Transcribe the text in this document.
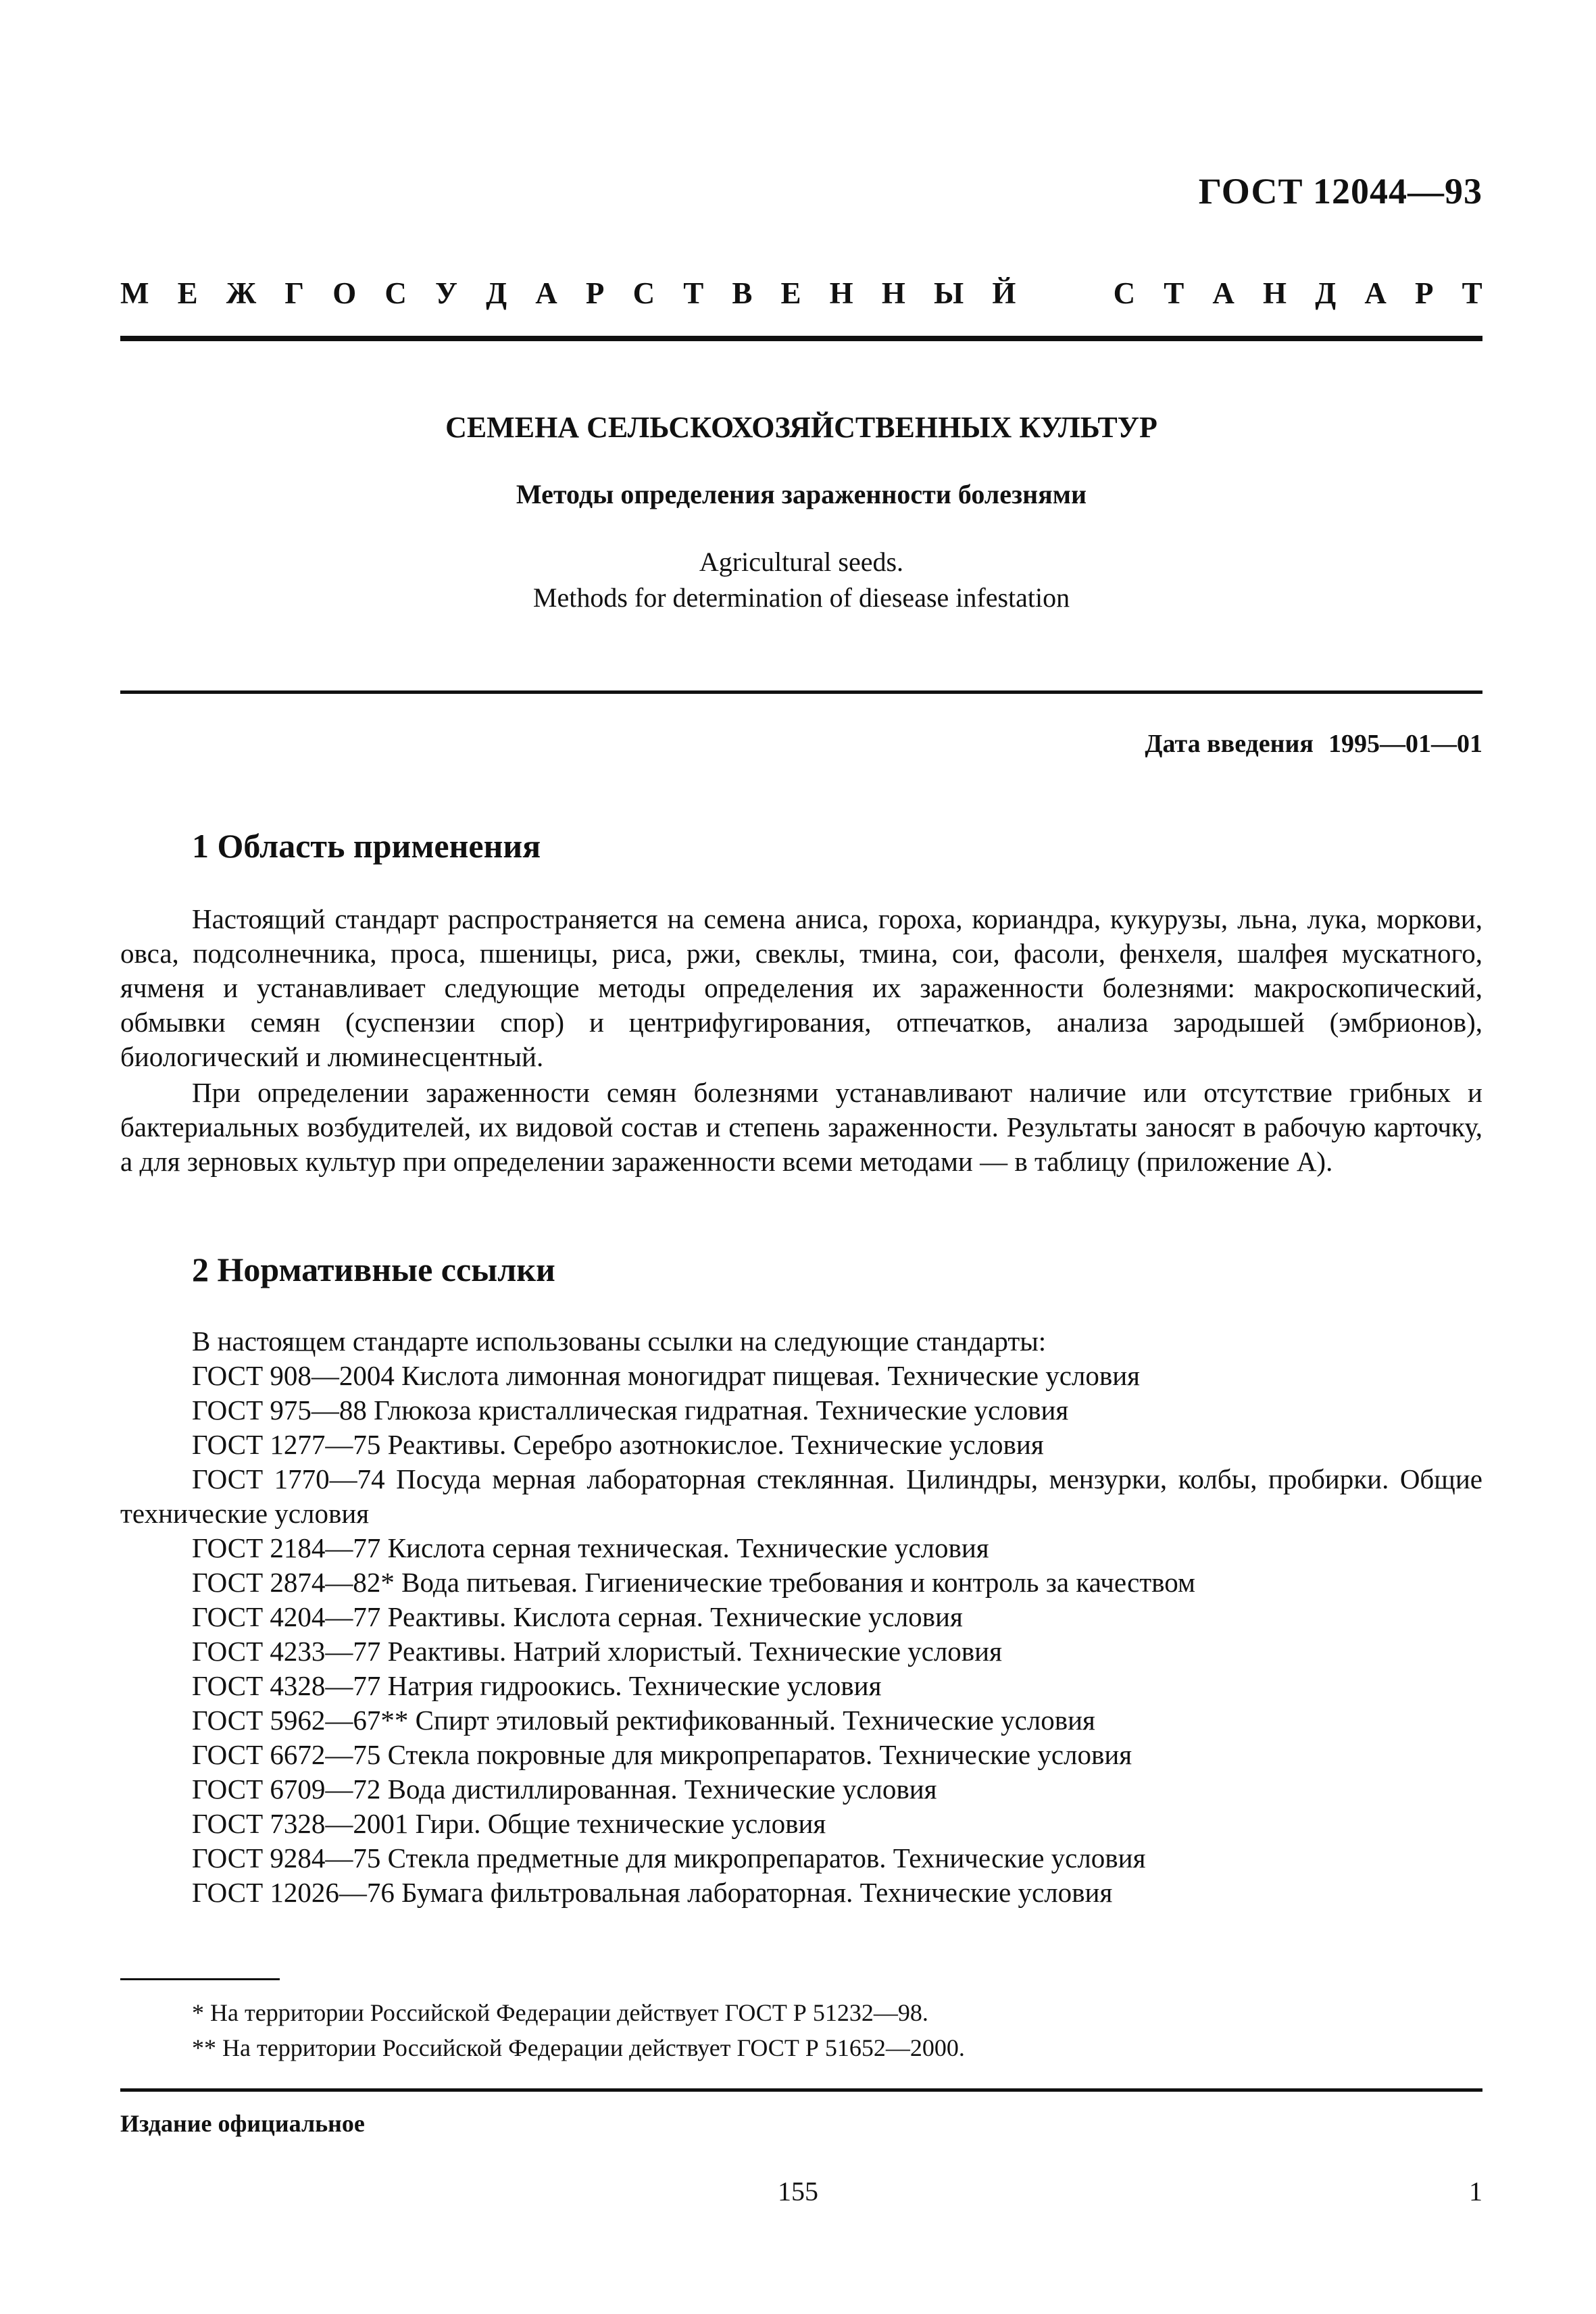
ГОСТ 12044—93
М Е Ж Г О С У Д А Р С Т В Е Н Н Ы Й	С Т А Н Д А Р Т
СЕМЕНА СЕЛЬСКОХОЗЯЙСТВЕННЫХ КУЛЬТУР
Методы определения зараженности болезнями
Agricultural seeds.
Methods for determination of diesease infestation
Дата введения 1995—01—01
1 Область применения

Настоящий стандарт распространяется на семена аниса, гороха, кориандра, кукурузы, льна, лука, моркови, овса, подсолнечника, проса, пшеницы, риса, ржи, свеклы, тмина, сои, фасоли, фенхеля, шалфея мускатного, ячменя и устанавливает следующие методы определения их зараженности болезнями: макроскопический, обмывки семян (суспензии спор) и центрифугирования, отпечатков, анализа зародышей (эмбрионов), биологический и люминесцентный.

При определении зараженности семян болезнями устанавливают наличие или отсутствие грибных и бактериальных возбудителей, их видовой состав и степень зараженности. Результаты заносят в рабочую карточку, а для зерновых культур при определении зараженности всеми методами — в таблицу (приложение А).

2 Нормативные ссылки
В настоящем стандарте использованы ссылки на следующие стандарты:
ГОСТ 908—2004 Кислота лимонная моногидрат пищевая. Технические условия
ГОСТ 975—88 Глюкоза кристаллическая гидратная. Технические условия
ГОСТ 1277—75 Реактивы. Серебро азотнокислое. Технические условия
ГОСТ 1770—74 Посуда мерная лабораторная стеклянная. Цилиндры, мензурки, колбы, пробирки. Общие технические условия
ГОСТ 2184—77 Кислота серная техническая. Технические условия
ГОСТ 2874—82* Вода питьевая. Гигиенические требования и контроль за качеством
ГОСТ 4204—77 Реактивы. Кислота серная. Технические условия
ГОСТ 4233—77 Реактивы. Натрий хлористый. Технические условия
ГОСТ 4328—77 Натрия гидроокись. Технические условия
ГОСТ 5962—67** Спирт этиловый ректификованный. Технические условия
ГОСТ 6672—75 Стекла покровные для микропрепаратов. Технические условия
ГОСТ 6709—72 Вода дистиллированная. Технические условия
ГОСТ 7328—2001 Гири. Общие технические условия
ГОСТ 9284—75 Стекла предметные для микропрепаратов. Технические условия
ГОСТ 12026—76 Бумага фильтровальная лабораторная. Технические условия
* На территории Российской Федерации действует ГОСТ Р 51232—98.
** На территории Российской Федерации действует ГОСТ Р 51652—2000.
Издание официальное
155	1
